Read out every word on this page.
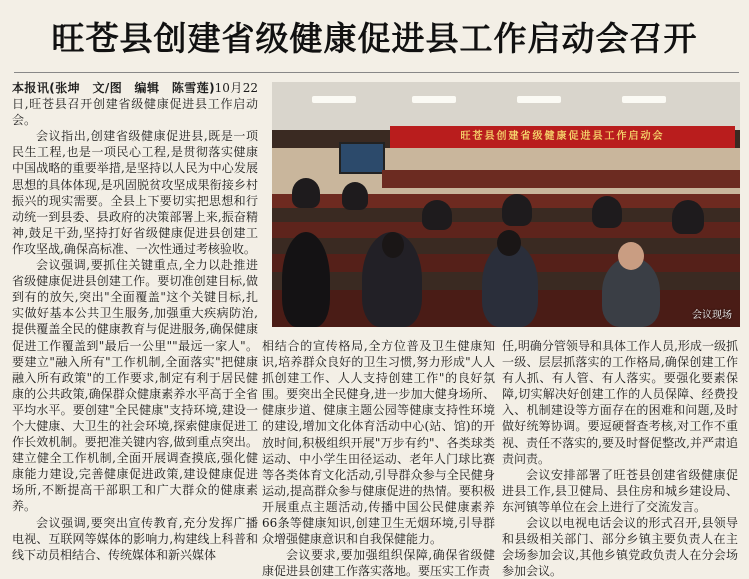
旺苍县创建省级健康促进县工作启动会召开

本报讯(张坤　文/图　编辑　陈雪莲)10月22日,旺苍县召开创建省级健康促进县工作启动会。

会议指出,创建省级健康促进县,既是一项民生工程,也是一项民心工程,是贯彻落实健康中国战略的重要举措,是坚持以人民为中心发展思想的具体体现,是巩固脱贫攻坚成果衔接乡村振兴的现实需要。全县上下要切实把思想和行动统一到县委、县政府的决策部署上来,振奋精神,鼓足干劲,坚持打好省级健康促进县创建工作攻坚战,确保高标准、一次性通过考核验收。

会议强调,要抓住关键重点,全力以赴推进省级健康促进县创建工作。要切准创建目标,做到有的放矢,突出"全面覆盖"这个关键目标,扎实做好基本公共卫生服务,加强重大疾病防治,提供覆盖全民的健康教育与促进服务,确保健康促进工作覆盖到"最后一公里""最远一家人"。要建立"融入所有"工作机制,全面落实"把健康融入所有政策"的工作要求,制定有利于居民健康的公共政策,确保群众健康素养水平高于全省平均水平。要创建"全民健康"支持环境,建设一个大健康、大卫生的社会环境,探索健康促进工作长效机制。要把准关键内容,做到重点突出。建立健全工作机制,全面开展调查摸底,强化健康能力建设,完善健康促进政策,建设健康促进场所,不断提高干部职工和广大群众的健康素养。

会议强调,要突出宣传教育,充分发挥广播电视、互联网等媒体的影响力,构建线上科普和线下动员相结合、传统媒体和新兴媒体

旺苍县创建省级健康促进县工作启动会
会议现场

相结合的宣传格局,全方位普及卫生健康知识,培养群众良好的卫生习惯,努力形成"人人抓创建工作、人人支持创建工作"的良好氛围。要突出全民健身,进一步加大健身场所、健康步道、健康主题公园等健康支持性环境的建设,增加文化体育活动中心(站、馆)的开放时间,积极组织开展"万步有约"、各类球类运动、中小学生田径运动、老年人门球比赛等各类体育文化活动,引导群众参与全民健身运动,提高群众参与健康促进的热情。要积极开展重点主题活动,传播中国公民健康素养66条等健康知识,创建卫生无烟环境,引导群众增强健康意识和自我保健能力。

会议要求,要加强组织保障,确保省级健康促进县创建工作落实落地。要压实工作责

任,明确分管领导和具体工作人员,形成一级抓一级、层层抓落实的工作格局,确保创建工作有人抓、有人管、有人落实。要强化要素保障,切实解决好创建工作的人员保障、经费投入、机制建设等方面存在的困难和问题,及时做好统筹协调。要逗硬督查考核,对工作不重视、责任不落实的,要及时督促整改,并严肃追责问责。

会议安排部署了旺苍县创建省级健康促进县工作,县卫健局、县住房和城乡建设局、东河镇等单位在会上进行了交流发言。

会议以电视电话会议的形式召开,县领导和县级相关部门、部分乡镇主要负责人在主会场参加会议,其他乡镇党政负责人在分会场参加会议。
